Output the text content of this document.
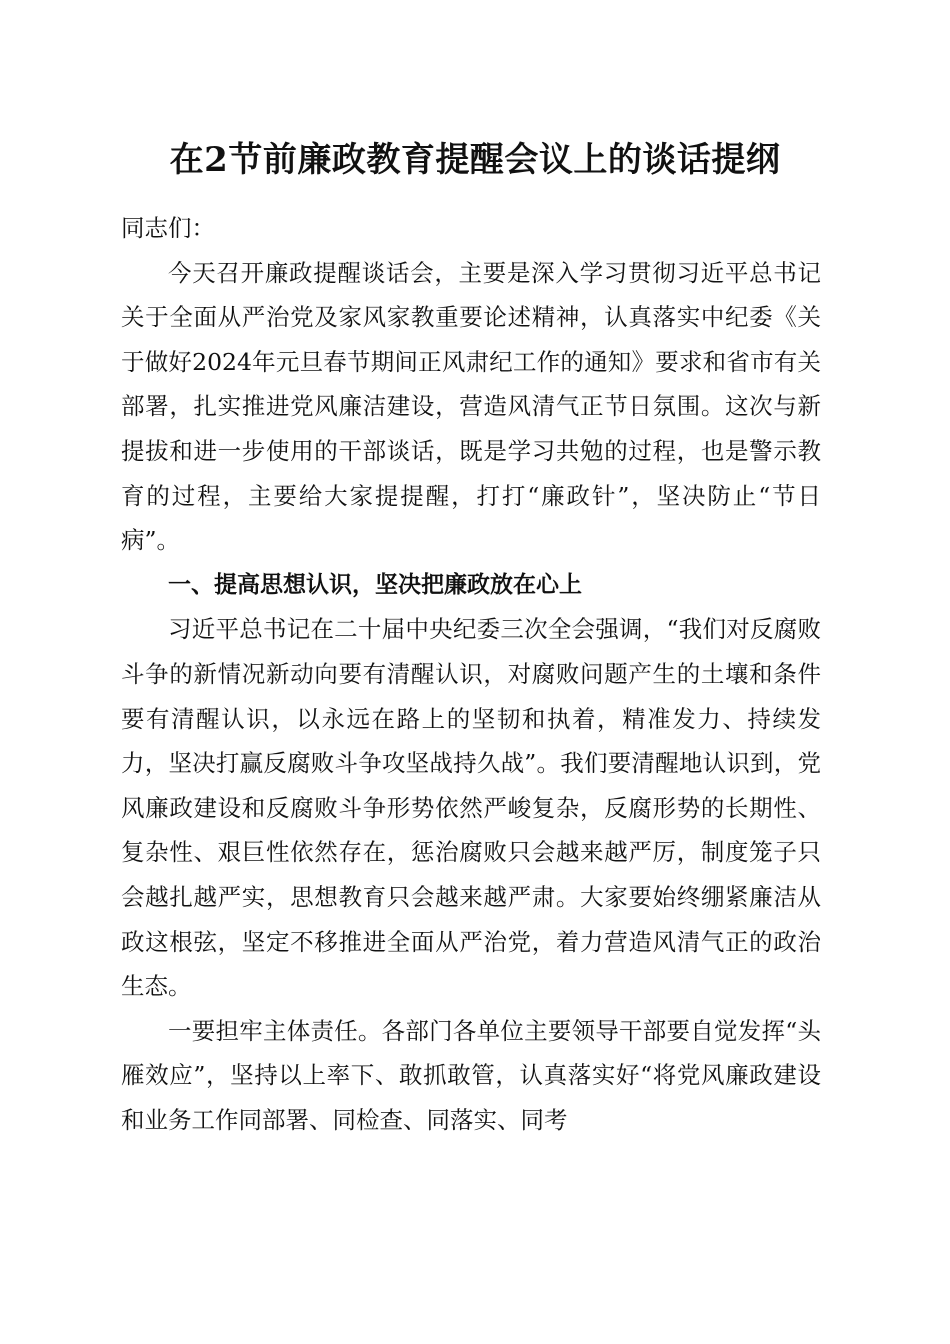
在2节前廉政教育提醒会议上的谈话提纲

同志们：

今天召开廉政提醒谈话会，主要是深入学习贯彻习近平总书记关于全面从严治党及家风家教重要论述精神，认真落实中纪委《关于做好2024年元旦春节期间正风肃纪工作的通知》要求和省市有关部署，扎实推进党风廉洁建设，营造风清气正节日氛围。这次与新提拔和进一步使用的干部谈话，既是学习共勉的过程，也是警示教育的过程，主要给大家提提醒，打打“廉政针”，坚决防止“节日病”。

一、提高思想认识，坚决把廉政放在心上

习近平总书记在二十届中央纪委三次全会强调，“我们对反腐败斗争的新情况新动向要有清醒认识，对腐败问题产生的土壤和条件要有清醒认识，以永远在路上的坚韧和执着，精准发力、持续发力，坚决打赢反腐败斗争攻坚战持久战”。我们要清醒地认识到，党风廉政建设和反腐败斗争形势依然严峻复杂，反腐形势的长期性、复杂性、艰巨性依然存在，惩治腐败只会越来越严厉，制度笼子只会越扎越严实，思想教育只会越来越严肃。大家要始终绷紧廉洁从政这根弦，坚定不移推进全面从严治党，着力营造风清气正的政治生态。

一要担牢主体责任。各部门各单位主要领导干部要自觉发挥“头雁效应”，坚持以上率下、敢抓敢管，认真落实好“将党风廉政建设和业务工作同部署、同检查、同落实、同考
